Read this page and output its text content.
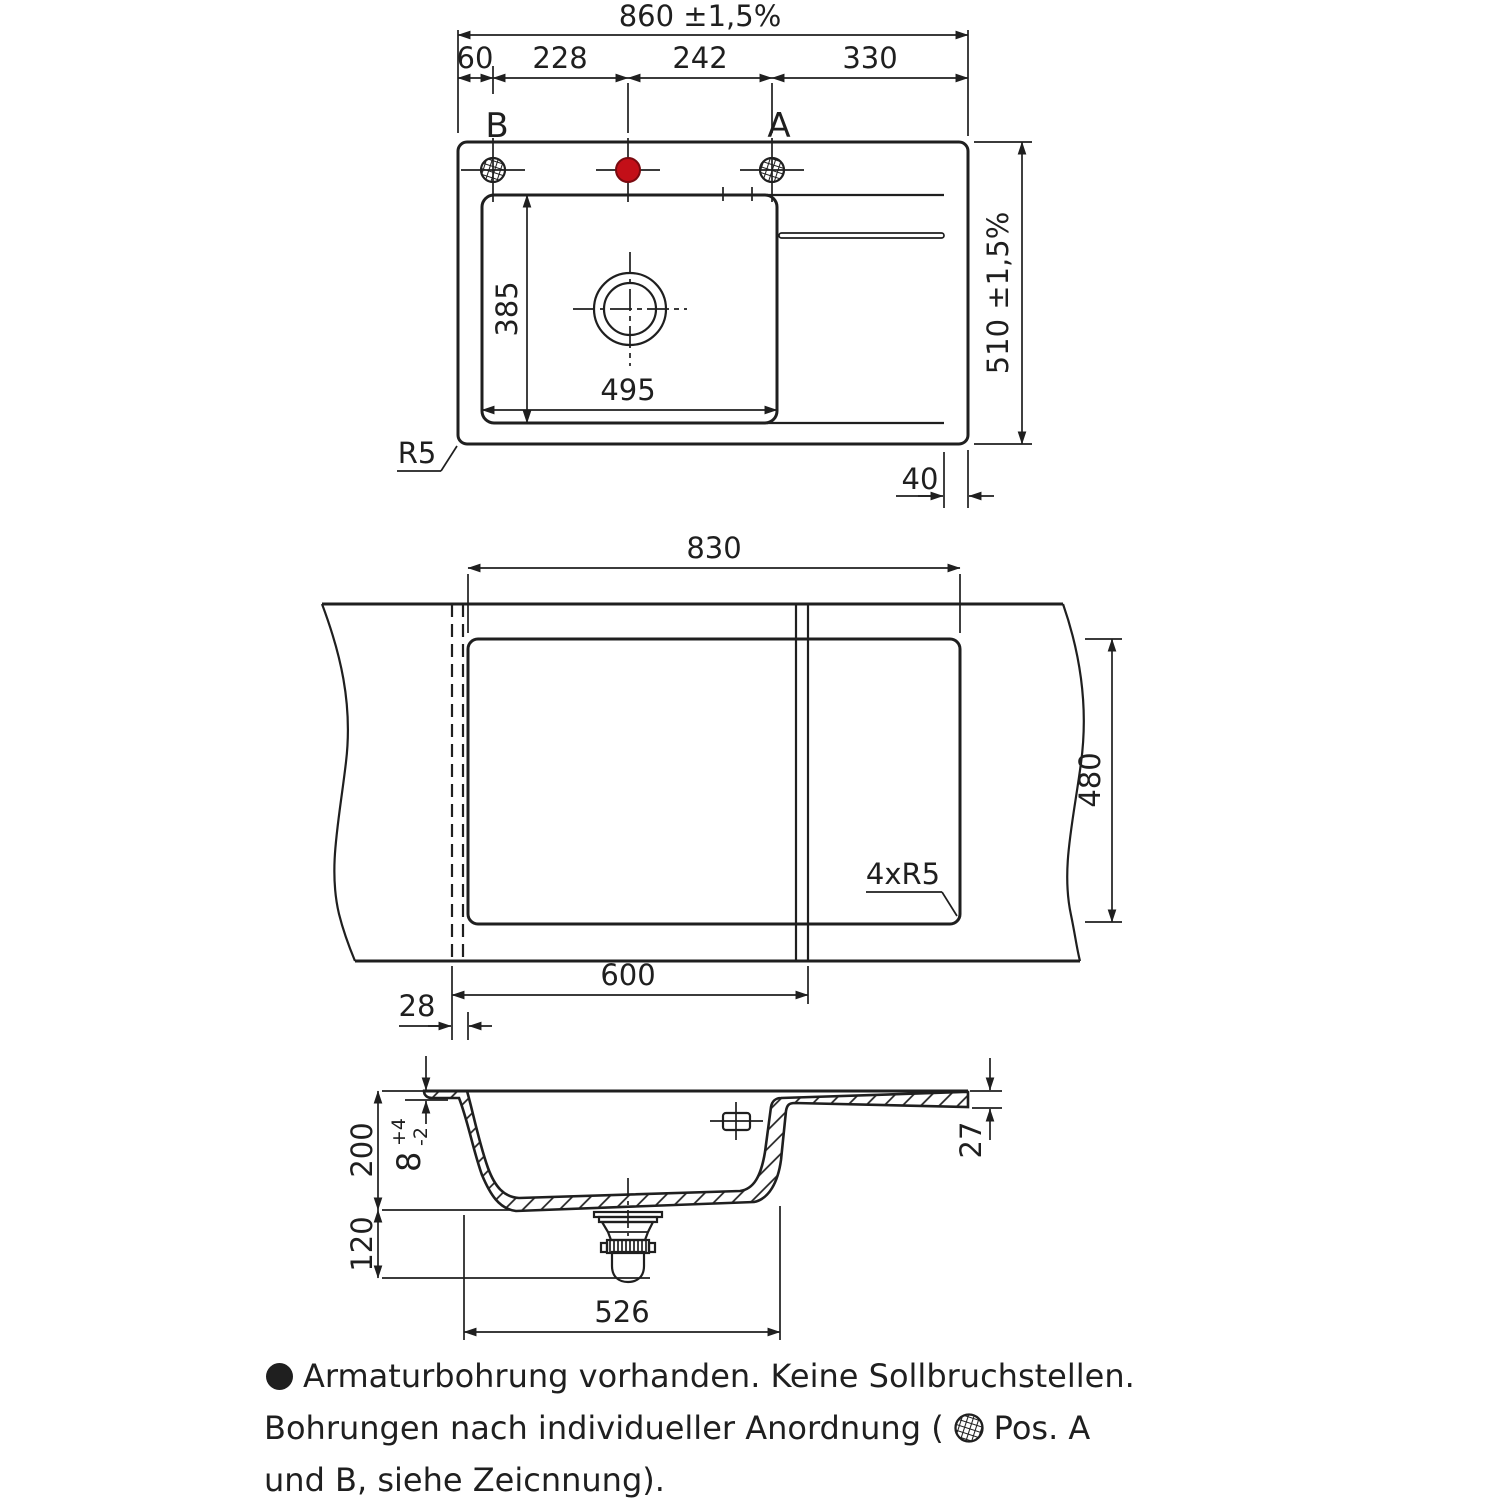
860 ±1,5%
60 228	242	330
B	A
385
495
510 ±1,5%
40
R5
830
480
4xR5
600
28
200
120
8
+4 -2
526
27
Armaturbohrung vorhanden. Keine Sollbruchstellen.
Bohrungen nach individueller Anordnung ( Pos. A
und B, siehe Zeicnnung).
